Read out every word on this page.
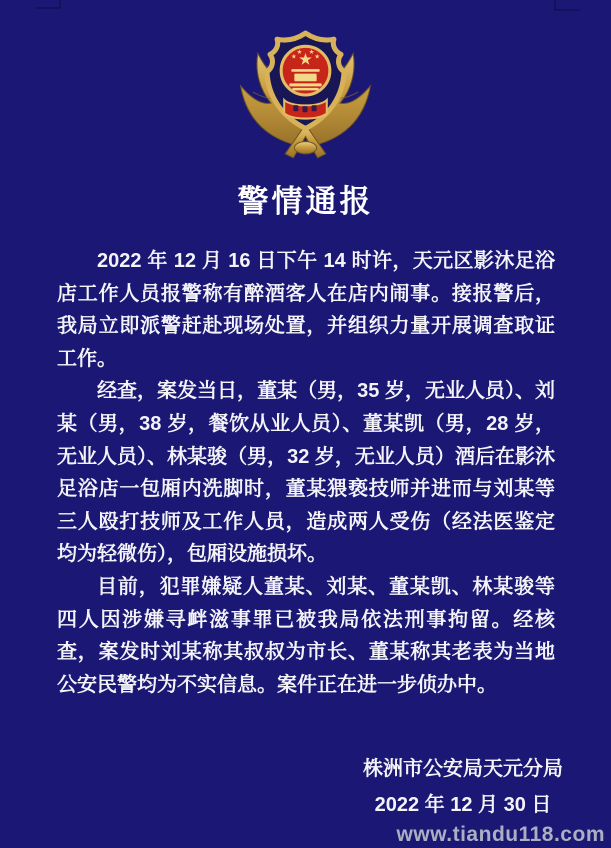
警情通报

2022 年 12 月 16 日下午 14 时许，天元区影沐足浴店工作人员报警称有醉酒客人在店内闹事。接报警后，我局立即派警赶赴现场处置，并组织力量开展调查取证工作。

经查，案发当日，董某（男，35 岁，无业人员）、刘某（男，38 岁，餐饮从业人员）、董某凯（男，28 岁，无业人员）、林某骏（男，32 岁，无业人员）酒后在影沐足浴店一包厢内洗脚时，董某猥亵技师并进而与刘某等三人殴打技师及工作人员，造成两人受伤（经法医鉴定均为轻微伤），包厢设施损坏。

目前，犯罪嫌疑人董某、刘某、董某凯、林某骏等四人因涉嫌寻衅滋事罪已被我局依法刑事拘留。经核查，案发时刘某称其叔叔为市长、董某称其老表为当地公安民警均为不实信息。案件正在进一步侦办中。

株洲市公安局天元分局
2022 年 12 月 30 日
www.tiandu118.com
